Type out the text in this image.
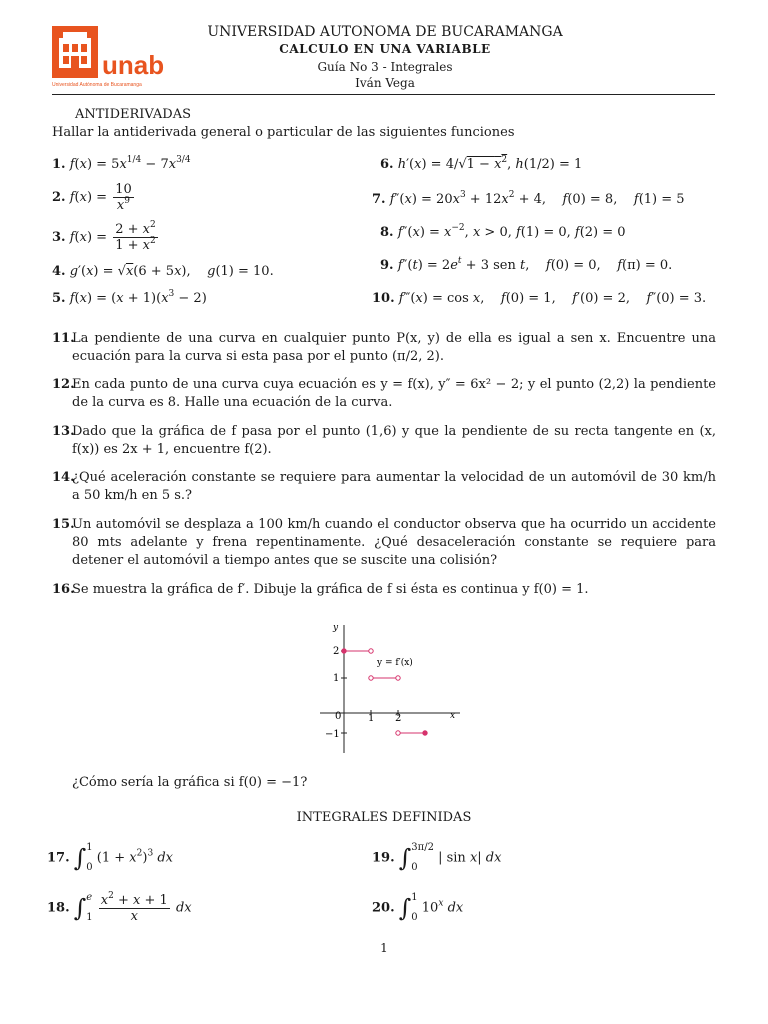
unab
Universidad Autónoma de Bucaramanga
UNIVERSIDAD AUTONOMA DE BUCARAMANGA
CALCULO EN UNA VARIABLE
Guía No 3 - Integrales
Iván Vega
ANTIDERIVADAS
Hallar la antiderivada general o particular de las siguientes funciones
1. $f(x) = 5x^{1/4} - 7x^{3/4}$
2. $f(x) = \frac{10}{x^9}$
3. $f(x) = \frac{2 + x^2}{1 + x^2}$
4. g′(x) = √x(6 + 5x),    g(1) = 10.
5. $f(x) = (x + 1)(x^3 - 2)$
6. $h'(x) = 4/√1 - x^2$, h(1/2) = 1
7. $f''(x) = 20x^3 + 12x^2 + 4$,    f(0) = 8,    f(1) = 5
8. $f''(x) = x^{-2}$, x > 0, f(1) = 0, f(2) = 0
9. $f''(t) = 2e^t + 3$ sen t,    f(0) = 0,    f(π) = 0.
10. f‴(x) = cos x,    f(0) = 1,    f′(0) = 2,    f″(0) = 3.
11.
La pendiente de una curva en cualquier punto P(x, y) de ella es igual a sen x. Encuentre una ecuación para la curva si esta pasa por el punto (π/2, 2).
12.
En cada punto de una curva cuya ecuación es y = f(x), y″ = 6x² − 2; y el punto (2,2) la pendiente de la curva es 8. Halle una ecuación de la curva.
13.
Dado que la gráfica de f pasa por el punto (1,6) y que la pendiente de su recta tangente en (x, f(x)) es 2x + 1, encuentre f(2).
14.
¿Qué aceleración constante se requiere para aumentar la velocidad de un automóvil de 30 km/h a 50 km/h en 5 s.?
15.
Un automóvil se desplaza a 100 km/h cuando el conductor observa que ha ocurrido un accidente 80 mts adelante y frena repentinamente. ¿Qué desaceleración constante se requiere para detener el automóvil a tiempo antes que se suscite una colisión?
16.
Se muestra la gráfica de f′. Dibuje la gráfica de f si ésta es continua y f(0) = 1.
y
x
2
1
−1
0	1 2
y = f′(x)
¿Cómo sería la gráfica si f(0) = −1?
INTEGRALES DEFINIDAS
17. ∫ 1
0
$(1 + x^2)^3$ dx
18. ∫ e
1
$\frac{x^2 + x + 1}{x}$ dx
19. ∫ 3π/2
0
| sin x| dx
20. ∫ 1
0
10$^x$ dx
1
